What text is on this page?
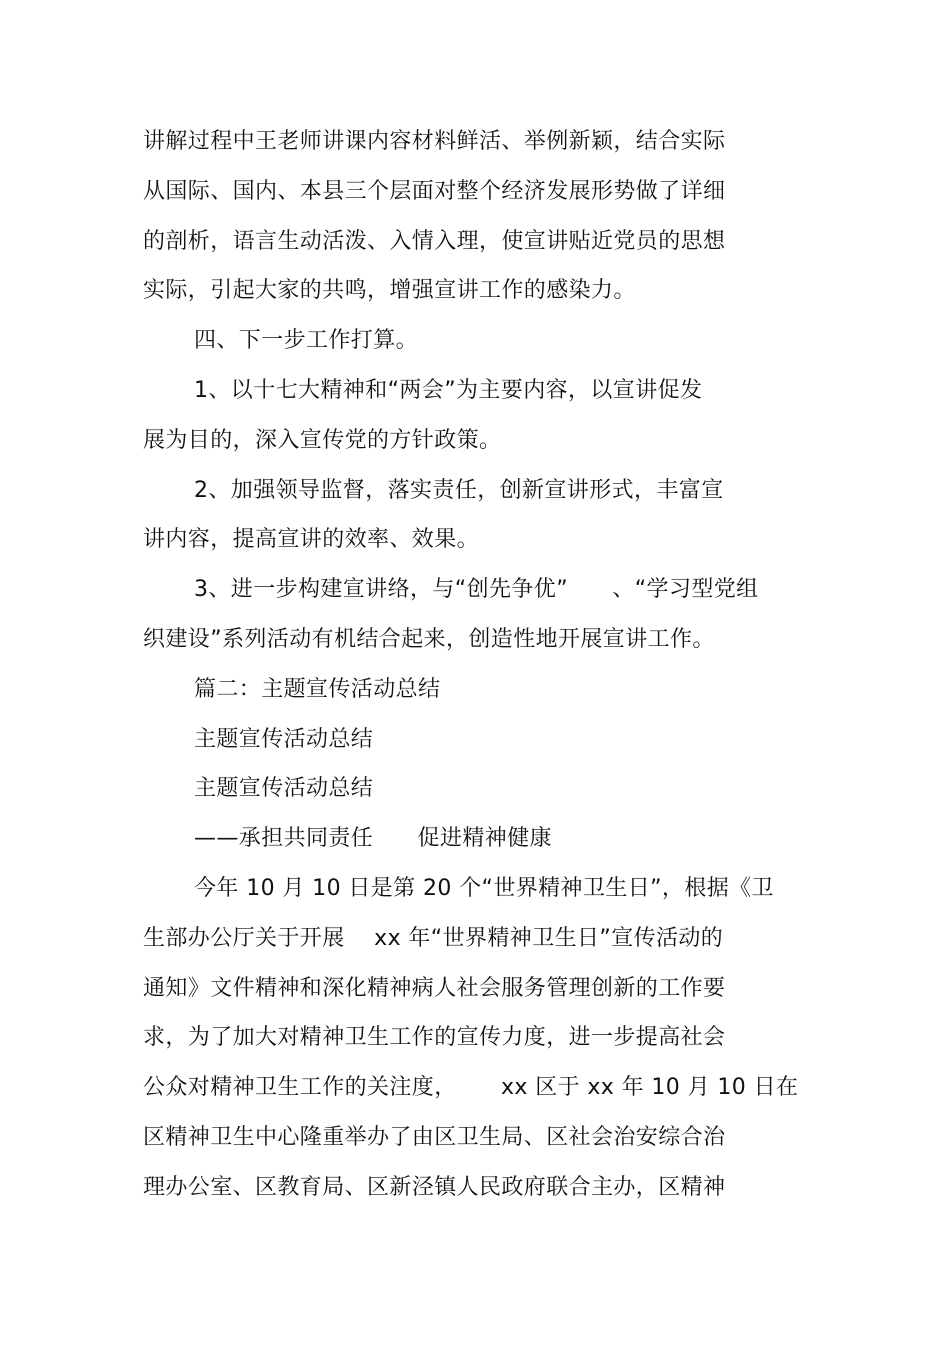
讲解过程中王老师讲课内容材料鲜活、举例新颖，结合实际
从国际、国内、本县三个层面对整个经济发展形势做了详细
的剖析，语言生动活泼、入情入理，使宣讲贴近党员的思想
实际，引起大家的共鸣，增强宣讲工作的感染力。
四、下一步工作打算。
1、以十七大精神和“两会”为主要内容，以宣讲促发
展为目的，深入宣传党的方针政策。
2、加强领导监督，落实责任，创新宣讲形式，丰富宣
讲内容，提高宣讲的效率、效果。
3、进一步构建宣讲络，与“创先争优”      、“学习型党组
织建设”系列活动有机结合起来，创造性地开展宣讲工作。
篇二：主题宣传活动总结
主题宣传活动总结
主题宣传活动总结
——承担共同责任      促进精神健康
今年 10 月 10 日是第 20 个“世界精神卫生日”，根据《卫
生部办公厅关于开展    xx 年“世界精神卫生日”宣传活动的
通知》文件精神和深化精神病人社会服务管理创新的工作要
求，为了加大对精神卫生工作的宣传力度，进一步提高社会
公众对精神卫生工作的关注度，      xx 区于 xx 年 10 月 10 日在
区精神卫生中心隆重举办了由区卫生局、区社会治安综合治
理办公室、区教育局、区新泾镇人民政府联合主办，区精神
